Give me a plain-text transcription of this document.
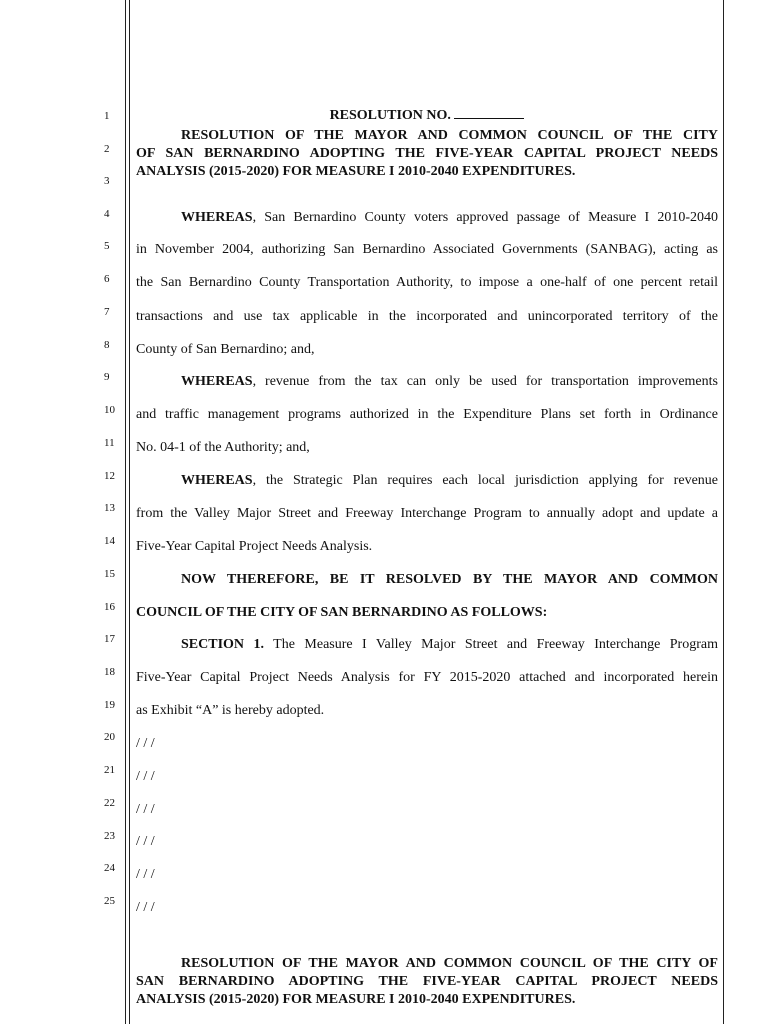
1
2
3
4
5
6
7
8
9
10
11
12
13
14
15
16
17
18
19
20
21
22
23
24
25
RESOLUTION NO.
RESOLUTION OF THE MAYOR AND COMMON COUNCIL OF THE CITY
OF SAN BERNARDINO ADOPTING THE FIVE-YEAR CAPITAL PROJECT NEEDS
ANALYSIS (2015-2020) FOR MEASURE I 2010-2040 EXPENDITURES.
WHEREAS, San Bernardino County voters approved passage of Measure I 2010-2040
in November 2004, authorizing San Bernardino Associated Governments (SANBAG), acting as
the San Bernardino County Transportation Authority, to impose a one-half of one percent retail
transactions and use tax applicable in the incorporated and unincorporated territory of the
County of San Bernardino; and,
WHEREAS, revenue from the tax can only be used for transportation improvements
and traffic management programs authorized in the Expenditure Plans set forth in Ordinance
No. 04-1 of the Authority; and,
WHEREAS, the Strategic Plan requires each local jurisdiction applying for revenue
from the Valley Major Street and Freeway Interchange Program to annually adopt and update a
Five-Year Capital Project Needs Analysis.
NOW THEREFORE, BE IT RESOLVED BY THE MAYOR AND COMMON
COUNCIL OF THE CITY OF SAN BERNARDINO AS FOLLOWS:
SECTION 1. The Measure I Valley Major Street and Freeway Interchange Program
Five-Year Capital Project Needs Analysis for FY 2015-2020 attached and incorporated herein
as Exhibit “A” is hereby adopted.
/ / /
/ / /
/ / /
/ / /
/ / /
/ / /
RESOLUTION OF THE MAYOR AND COMMON COUNCIL OF THE CITY OF
SAN BERNARDINO ADOPTING THE FIVE-YEAR CAPITAL PROJECT NEEDS
ANALYSIS (2015-2020) FOR MEASURE I 2010-2040 EXPENDITURES.
